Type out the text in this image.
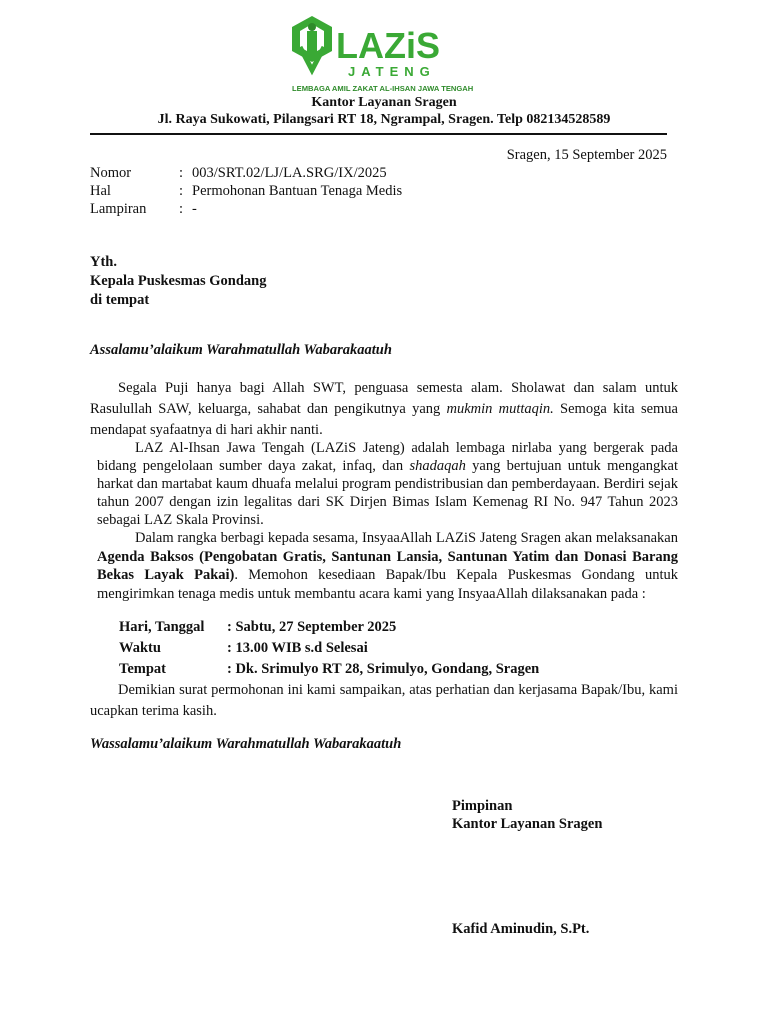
LAZiS
JATENG
LEMBAGA AMIL ZAKAT AL-IHSAN JAWA TENGAH
Kantor Layanan Sragen
Jl. Raya Sukowati, Pilangsari RT 18, Ngrampal, Sragen. Telp 082134528589
Sragen, 15 September 2025
Nomor	: 003/SRT.02/LJ/LA.SRG/IX/2025
Hal	: Permohonan Bantuan Tenaga Medis
Lampiran : -
Yth.
Kepala Puskesmas Gondang
di tempat
Assalamu’alaikum Warahmatullah Wabarakaatuh
Segala Puji hanya bagi Allah SWT, penguasa semesta alam. Sholawat dan salam untuk Rasulullah SAW, keluarga, sahabat dan pengikutnya yang mukmin muttaqin. Semoga kita semua mendapat syafaatnya di hari akhir nanti.
LAZ Al-Ihsan Jawa Tengah (LAZiS Jateng) adalah lembaga nirlaba yang bergerak pada bidang pengelolaan sumber daya zakat, infaq, dan shadaqah yang bertujuan untuk mengangkat harkat dan martabat kaum dhuafa melalui program pendistribusian dan pemberdayaan. Berdiri sejak tahun 2007 dengan izin legalitas dari SK Dirjen Bimas Islam Kemenag RI No. 947 Tahun 2023 sebagai LAZ Skala Provinsi.
Dalam rangka berbagi kepada sesama, InsyaaAllah LAZiS Jateng Sragen akan melaksanakan Agenda Baksos (Pengobatan Gratis, Santunan Lansia, Santunan Yatim dan Donasi Barang Bekas Layak Pakai). Memohon kesediaan Bapak/Ibu Kepala Puskesmas Gondang untuk mengirimkan tenaga medis untuk membantu acara kami yang InsyaaAllah dilaksanakan pada :
Hari, Tanggal : Sabtu, 27 September 2025
Waktu	: 13.00 WIB s.d Selesai
Tempat	: Dk. Srimulyo RT 28, Srimulyo, Gondang, Sragen
Demikian surat permohonan ini kami sampaikan, atas perhatian dan kerjasama Bapak/Ibu, kami ucapkan terima kasih.
Wassalamu’alaikum Warahmatullah Wabarakaatuh
Pimpinan
Kantor Layanan Sragen
Kafid Aminudin, S.Pt.
